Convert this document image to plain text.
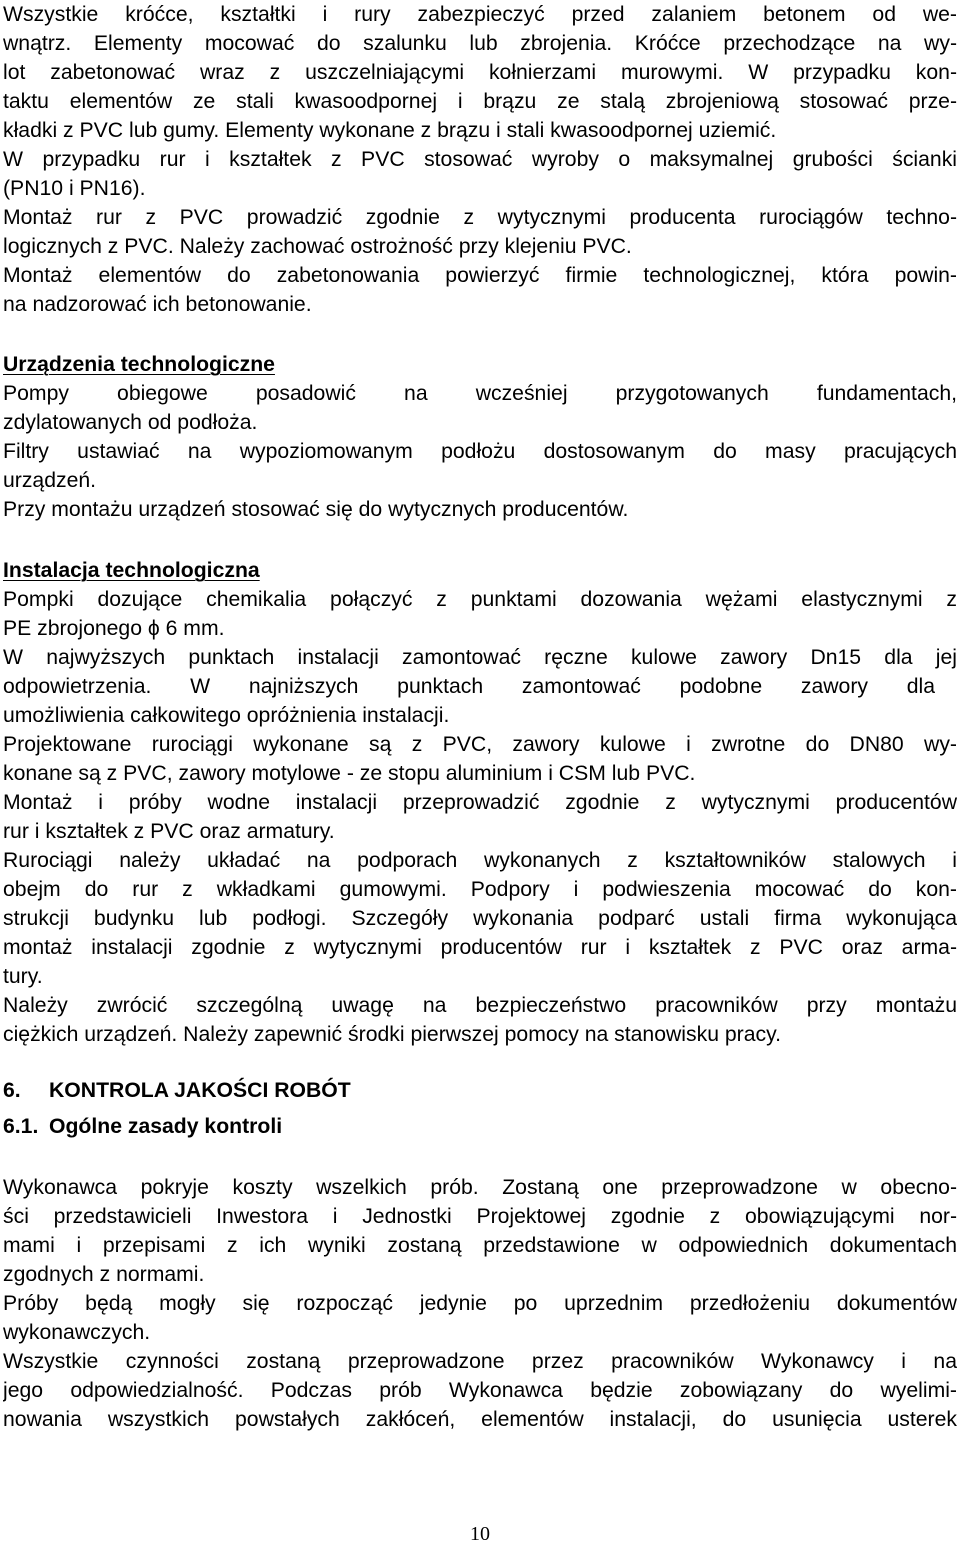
Wszystkie króćce, kształtki i rury zabezpieczyć przed zalaniem betonem od we-
wnątrz. Elementy mocować do szalunku lub zbrojenia. Króćce przechodzące na wy-
lot zabetonować wraz z uszczelniającymi kołnierzami murowymi. W przypadku kon-
taktu elementów ze stali kwasoodpornej i brązu ze stalą zbrojeniową stosować prze-
kładki z PVC lub gumy. Elementy wykonane z brązu i stali kwasoodpornej uziemić.
W przypadku rur i kształtek z PVC stosować wyroby o maksymalnej grubości ścianki
(PN10 i PN16).
Montaż rur z PVC prowadzić zgodnie z wytycznymi producenta rurociągów techno-
logicznych z PVC. Należy zachować ostrożność przy klejeniu PVC.
Montaż elementów do zabetonowania powierzyć firmie technologicznej, która powin-
na nadzorować ich betonowanie.
Urządzenia technologiczne
Pompy obiegowe posadowić na wcześniej przygotowanych fundamentach,
zdylatowanych od podłoża.
Filtry ustawiać na wypoziomowanym podłożu dostosowanym do masy pracujących
urządzeń.
Przy montażu urządzeń stosować się do wytycznych producentów.
Instalacja technologiczna
Pompki dozujące chemikalia połączyć z punktami dozowania wężami elastycznymi z
PE zbrojonego ϕ 6 mm.
W najwyższych punktach instalacji zamontować ręczne kulowe zawory Dn15 dla jej
odpowietrzenia. W najniższych punktach zamontować podobne zawory dla
umożliwienia całkowitego opróżnienia instalacji.
Projektowane rurociągi wykonane są z PVC, zawory kulowe i zwrotne do DN80 wy-
konane są z PVC, zawory motylowe - ze stopu aluminium i CSM lub PVC.
Montaż i próby wodne instalacji przeprowadzić zgodnie z wytycznymi producentów
rur i kształtek z PVC oraz armatury.
Rurociągi należy układać na podporach wykonanych z kształtowników stalowych i
obejm do rur z wkładkami gumowymi. Podpory i podwieszenia mocować do kon-
strukcji budynku lub podłogi. Szczegóły wykonania podparć ustali firma wykonująca
montaż instalacji zgodnie z wytycznymi producentów rur i kształtek z PVC oraz arma-
tury.
Należy zwrócić szczególną uwagę na bezpieczeństwo pracowników przy montażu
ciężkich urządzeń. Należy zapewnić środki pierwszej pomocy na stanowisku pracy.
6. KONTROLA JAKOŚCI ROBÓT
6.1. Ogólne zasady kontroli
Wykonawca pokryje koszty wszelkich prób. Zostaną one przeprowadzone w obecno-
ści przedstawicieli Inwestora i Jednostki Projektowej zgodnie z obowiązującymi nor-
mami i przepisami z ich wyniki zostaną przedstawione w odpowiednich dokumentach
zgodnych z normami.
Próby będą mogły się rozpocząć jedynie po uprzednim przedłożeniu dokumentów
wykonawczych.
Wszystkie czynności zostaną przeprowadzone przez pracowników Wykonawcy i na
jego odpowiedzialność. Podczas prób Wykonawca będzie zobowiązany do wyelimi-
nowania wszystkich powstałych zakłóceń, elementów instalacji, do usunięcia usterek
10
